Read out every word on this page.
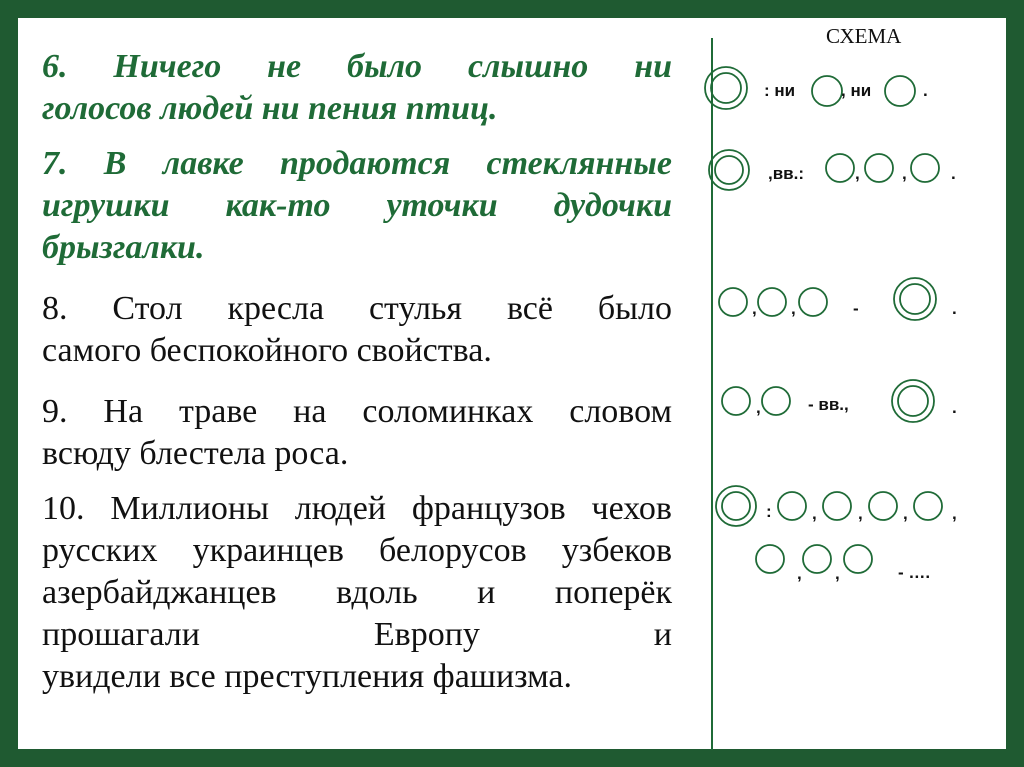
6. Ничего не было слышно ни
голосов людей ни пения птиц.

7. В лавке продаются стеклянные игрушки как-то уточки дудочки
брызгалки.

8. Стол кресла стулья всё было
самого беспокойного свойства.

9. На траве на соломинках словом
всюду блестела роса.

10. Миллионы людей французов чехов русских украинцев белорусов узбеков азербайджанцев вдоль и поперёк прошагали Европу и
увидели все преступления фашизма.

СХЕМА
: ни	, ни	.
,вв.:	, ,	.
, ,	-	.
,	- вв.,	.
: , , ,	,
, ,	- ….
